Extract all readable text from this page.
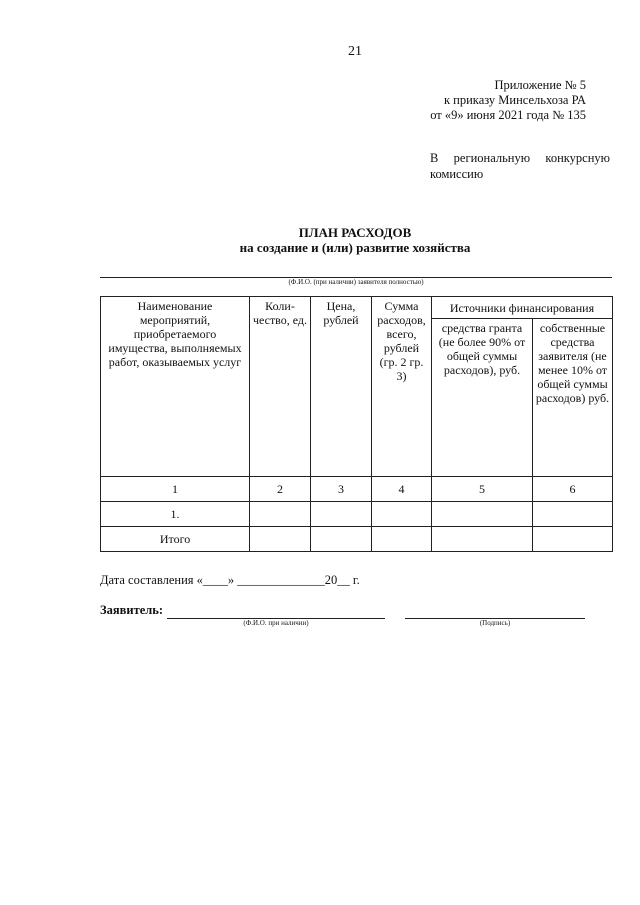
21
Приложение № 5
к приказу Минсельхоза РА
от «9» июня 2021 года № 135
В региональную конкурсную
комиссию
ПЛАН РАСХОДОВ
на создание и (или) развитие хозяйства
(Ф.И.О. (при наличии) заявителя полностью)
Наименование мероприятий, приобретаемого имущества, выполняемых работ, оказываемых услуг	Коли-чество, ед.	Цена, рублей	Сумма расходов, всего, рублей (гр. 2 гр. 3)	Источники финансирования	
				средства гранта (не более 90% от общей суммы расходов), руб.	собственные средства заявителя (не менее 10% от общей суммы расходов) руб.
1	2	3	4	5	6
1.					
Итого					
Дата составления «____» ______________20__ г.
Заявитель:
(Ф.И.О. при наличии)	(Подпись)
